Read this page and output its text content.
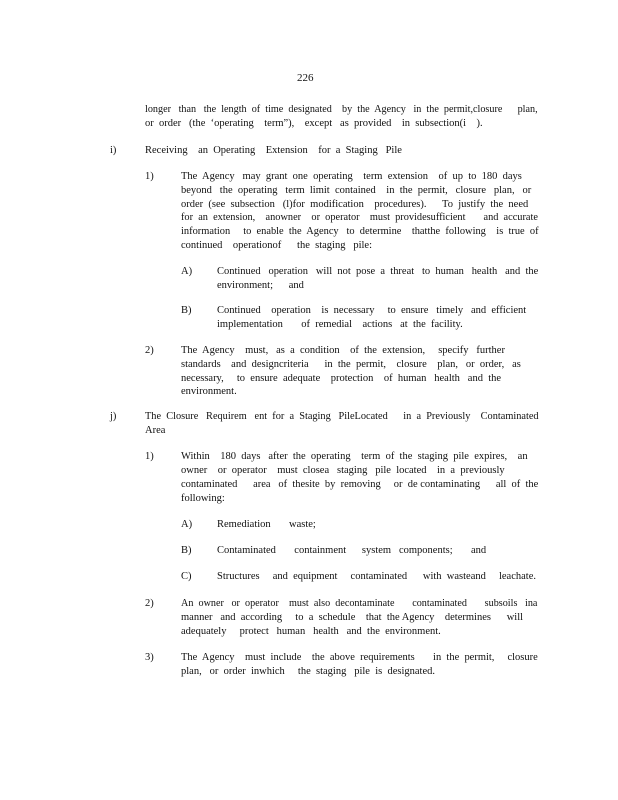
226
longer   than   the  length  of  time  designated    by  the  Agency   in  the  permit,closure      plan,
or  order   (the  ‘operating    term”),    except   as  provided    in  subsection(i    ).
i)	Receiving    an  Operating    Extension    for  a  Staging   Pile
1)	The  Agency   may  grant  one  operating    term  extension    of  up  to  180  days
beyond   the  operating   term  limit  contained    in  the  permit,   closure   plan,   or
order  (see  subsection   (l)for  modification    procedures).      To  justify  the  need
for  an  extension,    anowner    or  operator    must  providesufficient       and  accurate
information     to  enable  the  Agency   to  determine    thatthe  following    is  true  of
continued    operationof      the  staging   pile:
A) Continued   operation   will  not  pose  a  threat   to  human   health   and  the
environment;      and
B) Continued    operation    is  necessary     to  ensure   timely   and  efficient
implementation       of  remedial    actions   at  the  facility.
2)	The  Agency    must,   as  a  condition    of  the  extension,     specify   further
standards    and  designcriteria      in  the  permit,    closure    plan,   or  order,   as
necessary,     to  ensure  adequate    protection    of  human   health   and  the
environment.
j)	The  Closure   Requirem   ent  for  a  Staging   PileLocated      in  a  Previously    Contaminated
Area
1)	Within    180  days   after  the  operating    term  of  the  staging  pile  expires,    an
owner    or  operator    must  closea   staging   pile  located    in  a  previously
contaminated      area   of  thesite  by  removing     or  de contaminating      all  of  the
following:
A) Remediation       waste;
B) Contaminated       containment      system   components;       and
C) Structures     and  equipment     contaminated      with  wasteand     leachate.
2)	An  owner   or  operator    must  also  decontaminate       contaminated       subsoils   ina
manner   and  according     to  a  schedule    that  the Agency    determines      will
adequately     protect   human   health   and  the  environment.
3)	The  Agency    must  include    the  above  requirements       in  the  permit,     closure
plan,   or  order  inwhich     the  staging   pile  is  designated.
